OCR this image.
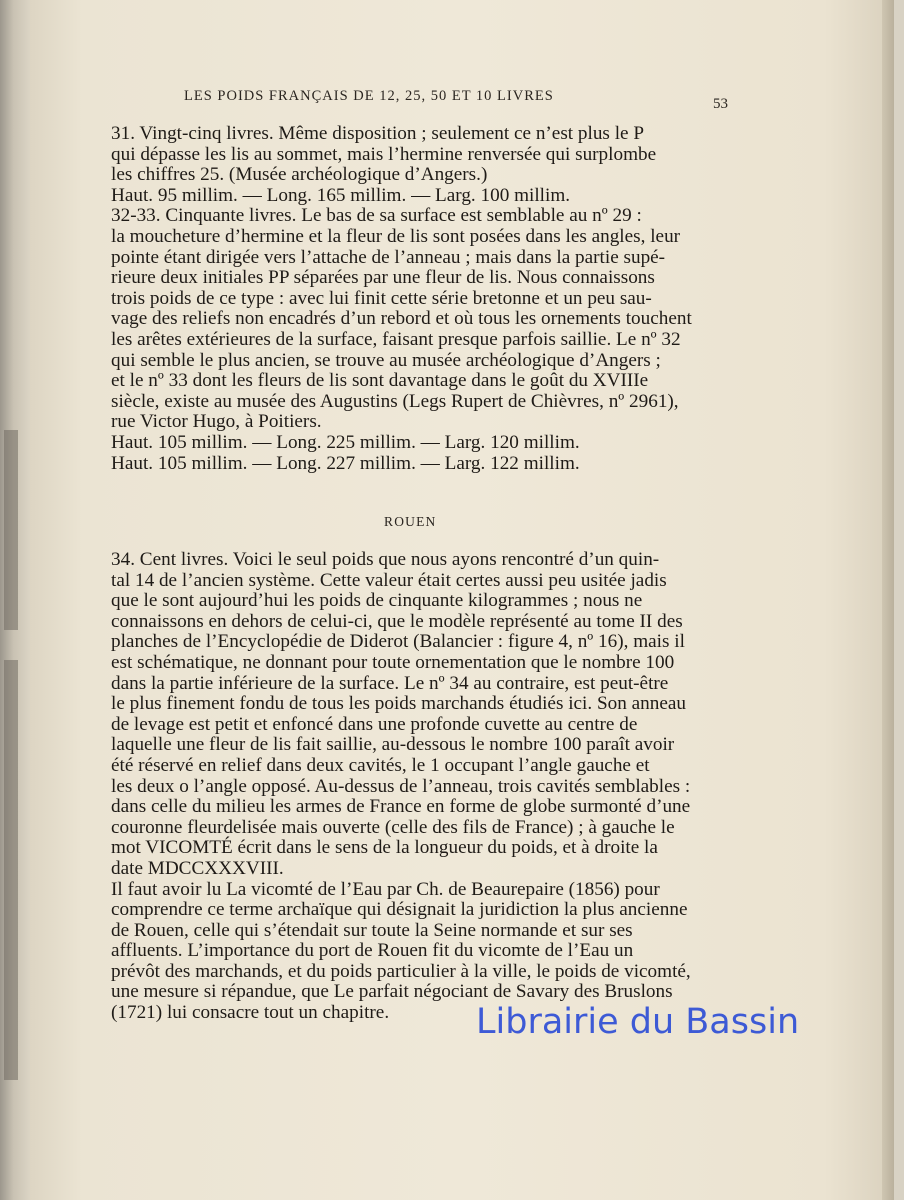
LES POIDS FRANÇAIS DE 12, 25, 50 ET 10 LIVRES	53
31. Vingt-cinq livres. Même disposition ; seulement ce n’est plus le P
qui dépasse les lis au sommet, mais l’hermine renversée qui surplombe
les chiffres 25. (Musée archéologique d’Angers.)
Haut. 95 millim. — Long. 165 millim. — Larg. 100 millim.
32-33. Cinquante livres. Le bas de sa surface est semblable au nº 29 :
la moucheture d’hermine et la fleur de lis sont posées dans les angles, leur
pointe étant dirigée vers l’attache de l’anneau ; mais dans la partie supé-
rieure deux initiales PP séparées par une fleur de lis. Nous connaissons
trois poids de ce type : avec lui finit cette série bretonne et un peu sau-
vage des reliefs non encadrés d’un rebord et où tous les ornements touchent
les arêtes extérieures de la surface, faisant presque parfois saillie. Le nº 32
qui semble le plus ancien, se trouve au musée archéologique d’Angers ;
et le nº 33 dont les fleurs de lis sont davantage dans le goût du XVIIIe
siècle, existe au musée des Augustins (Legs Rupert de Chièvres, nº 2961),
rue Victor Hugo, à Poitiers.
Haut. 105 millim. — Long. 225 millim. — Larg. 120 millim.
Haut. 105 millim. — Long. 227 millim. — Larg. 122 millim.
ROUEN
34. Cent livres. Voici le seul poids que nous ayons rencontré d’un quin-
tal 14 de l’ancien système. Cette valeur était certes aussi peu usitée jadis
que le sont aujourd’hui les poids de cinquante kilogrammes ; nous ne
connaissons en dehors de celui-ci, que le modèle représenté au tome II des
planches de l’Encyclopédie de Diderot (Balancier : figure 4, nº 16), mais il
est schématique, ne donnant pour toute ornementation que le nombre 100
dans la partie inférieure de la surface. Le nº 34 au contraire, est peut-être
le plus finement fondu de tous les poids marchands étudiés ici. Son anneau
de levage est petit et enfoncé dans une profonde cuvette au centre de
laquelle une fleur de lis fait saillie, au-dessous le nombre 100 paraît avoir
été réservé en relief dans deux cavités, le 1 occupant l’angle gauche et
les deux o l’angle opposé. Au-dessus de l’anneau, trois cavités semblables :
dans celle du milieu les armes de France en forme de globe surmonté d’une
couronne fleurdelisée mais ouverte (celle des fils de France) ; à gauche le
mot VICOMTÉ écrit dans le sens de la longueur du poids, et à droite la
date MDCCXXXVIII.
Il faut avoir lu La vicomté de l’Eau par Ch. de Beaurepaire (1856) pour
comprendre ce terme archaïque qui désignait la juridiction la plus ancienne
de Rouen, celle qui s’étendait sur toute la Seine normande et sur ses
affluents. L’importance du port de Rouen fit du vicomte de l’Eau un
prévôt des marchands, et du poids particulier à la ville, le poids de vicomté,
une mesure si répandue, que Le parfait négociant de Savary des Bruslons
(1721) lui consacre tout un chapitre.	Librairie du Bassin
